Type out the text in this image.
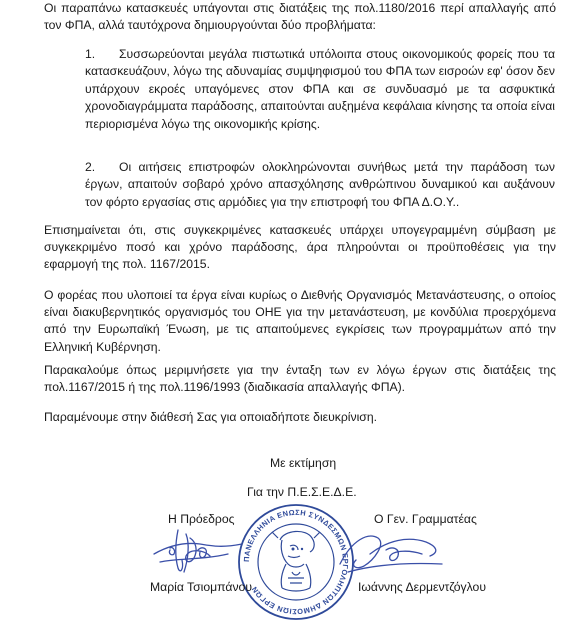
Οι παραπάνω κατασκευές υπάγονται στις διατάξεις της πολ.1180/2016 περί απαλλαγής από τον ΦΠΑ, αλλά ταυτόχρονα δημιουργούνται δύο προβλήματα:

1. Συσσωρεύονται μεγάλα πιστωτικά υπόλοιπα στους οικονομικούς φορείς που τα κατασκευάζουν, λόγω της αδυναμίας συμψηφισμού του ΦΠΑ των εισροών εφ' όσον δεν υπάρχουν εκροές υπαγόμενες στον ΦΠΑ και σε συνδυασμό με τα ασφυκτικά χρονοδιαγράμματα παράδοσης, απαιτούνται αυξημένα κεφάλαια κίνησης τα οποία είναι περιορισμένα λόγω της οικονομικής κρίσης.

2. Οι αιτήσεις επιστροφών ολοκληρώνονται συνήθως μετά την παράδοση των έργων, απαιτούν σοβαρό χρόνο απασχόλησης ανθρώπινου δυναμικού και αυξάνουν τον φόρτο εργασίας στις αρμόδιες για την επιστροφή του ΦΠΑ Δ.Ο.Υ..

Επισημαίνεται ότι, στις συγκεκριμένες κατασκευές υπάρχει υπογεγραμμένη σύμβαση με συγκεκριμένο ποσό και χρόνο παράδοσης, άρα πληρούνται οι προϋποθέσεις για την εφαρμογή της πολ. 1167/2015.

Ο φορέας που υλοποιεί τα έργα είναι κυρίως ο Διεθνής Οργανισμός Μετανάστευσης, ο οποίος είναι διακυβερνητικός οργανισμός του ΟΗΕ για την μετανάστευση, με κονδύλια προερχόμενα από την Ευρωπαϊκή Ένωση, με τις απαιτούμενες εγκρίσεις των προγραμμάτων από την Ελληνική Κυβέρνηση.

Παρακαλούμε όπως μεριμνήσετε για την ένταξη των εν λόγω έργων στις διατάξεις της πολ.1167/2015 ή της πολ.1196/1993 (διαδικασία απαλλαγής ΦΠΑ).

Παραμένουμε στην διάθεσή Σας για οποιαδήποτε διευκρίνιση.

Με εκτίμηση

Για την Π.Ε.Σ.Ε.Δ.Ε.

Η Πρόεδρος	Ο Γεν. Γραμματέας

ΠΑΝΕΛΛΗΝΙΑ ΕΝΩΣΗ ΣΥΝΔΕΣΜΩΝ ΕΡΓΟΛΗΠΤΩΝ ΔΗΜΟΣΙΩΝ ΕΡΓΩΝ

Μαρία Τσιομπάνου	Ιωάννης Δερμεντζόγλου
